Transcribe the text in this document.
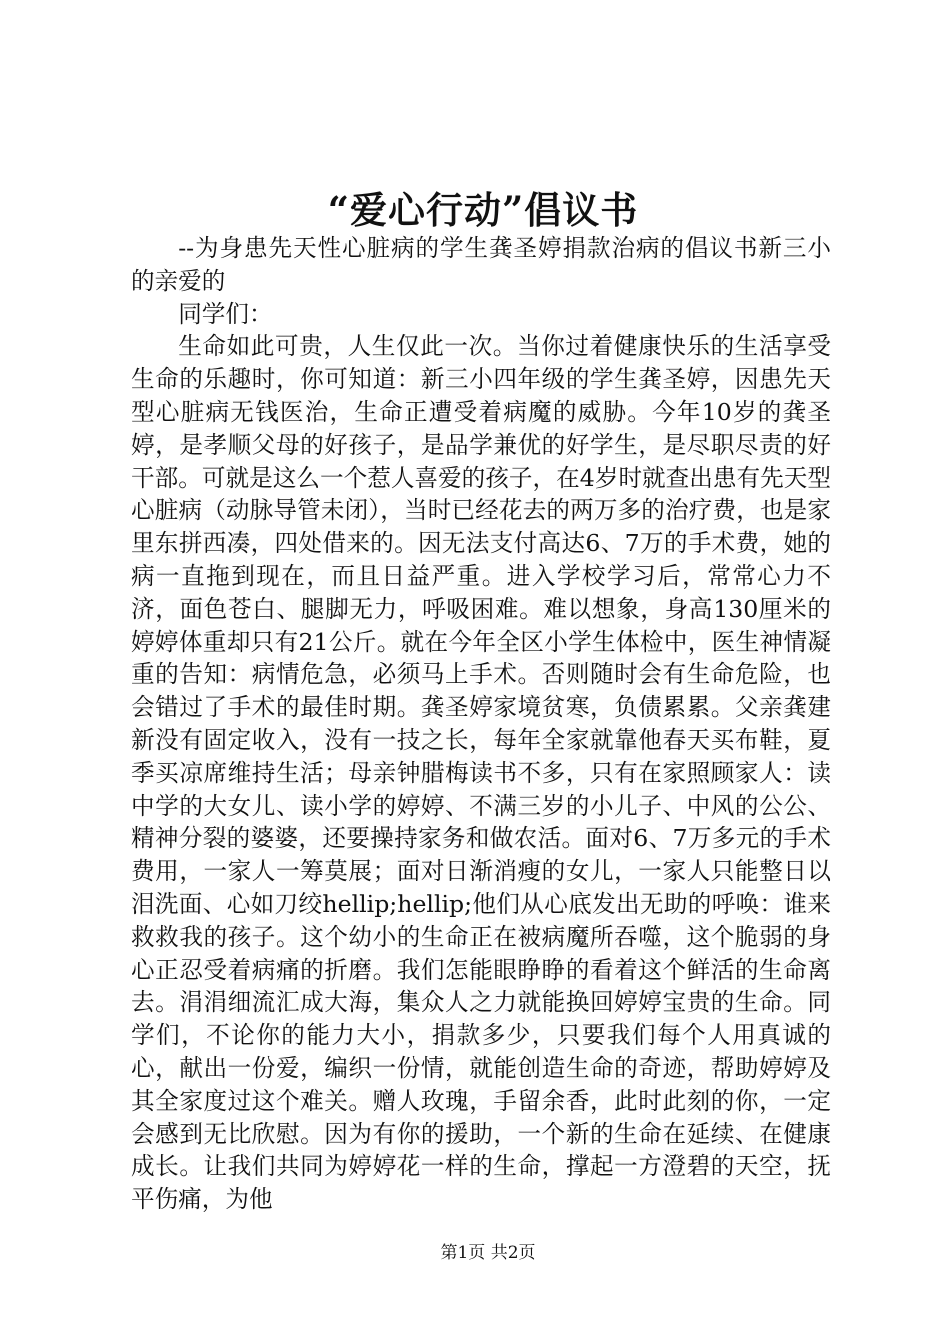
“爱心行动”倡议书

--为身患先天性心脏病的学生龚圣婷捐款治病的倡议书新三小的亲爱的

同学们：

生命如此可贵，人生仅此一次。当你过着健康快乐的生活享受生命的乐趣时，你可知道：新三小四年级的学生龚圣婷，因患先天型心脏病无钱医治，生命正遭受着病魔的威胁。今年10岁的龚圣婷，是孝顺父母的好孩子，是品学兼优的好学生，是尽职尽责的好干部。可就是这么一个惹人喜爱的孩子，在4岁时就查出患有先天型心脏病（动脉导管未闭），当时已经花去的两万多的治疗费，也是家里东拼西凑，四处借来的。因无法支付高达6、7万的手术费，她的病一直拖到现在，而且日益严重。进入学校学习后，常常心力不济，面色苍白、腿脚无力，呼吸困难。难以想象，身高130厘米的婷婷体重却只有21公斤。就在今年全区小学生体检中，医生神情凝重的告知：病情危急，必须马上手术。否则随时会有生命危险，也会错过了手术的最佳时期。龚圣婷家境贫寒，负债累累。父亲龚建新没有固定收入，没有一技之长，每年全家就靠他春天买布鞋，夏季买凉席维持生活；母亲钟腊梅读书不多，只有在家照顾家人：读中学的大女儿、读小学的婷婷、不满三岁的小儿子、中风的公公、精神分裂的婆婆，还要操持家务和做农活。面对6、7万多元的手术费用，一家人一筹莫展；面对日渐消瘦的女儿，一家人只能整日以泪洗面、心如刀绞hellip;hellip;他们从心底发出无助的呼唤：谁来救救我的孩子。这个幼小的生命正在被病魔所吞噬，这个脆弱的身心正忍受着病痛的折磨。我们怎能眼睁睁的看着这个鲜活的生命离去。涓涓细流汇成大海，集众人之力就能换回婷婷宝贵的生命。同学们，不论你的能力大小，捐款多少，只要我们每个人用真诚的心，献出一份爱，编织一份情，就能创造生命的奇迹，帮助婷婷及其全家度过这个难关。赠人玫瑰，手留余香，此时此刻的你，一定会感到无比欣慰。因为有你的援助，一个新的生命在延续、在健康成长。让我们共同为婷婷花一样的生命，撑起一方澄碧的天空，抚平伤痛，为他

第1页 共2页
